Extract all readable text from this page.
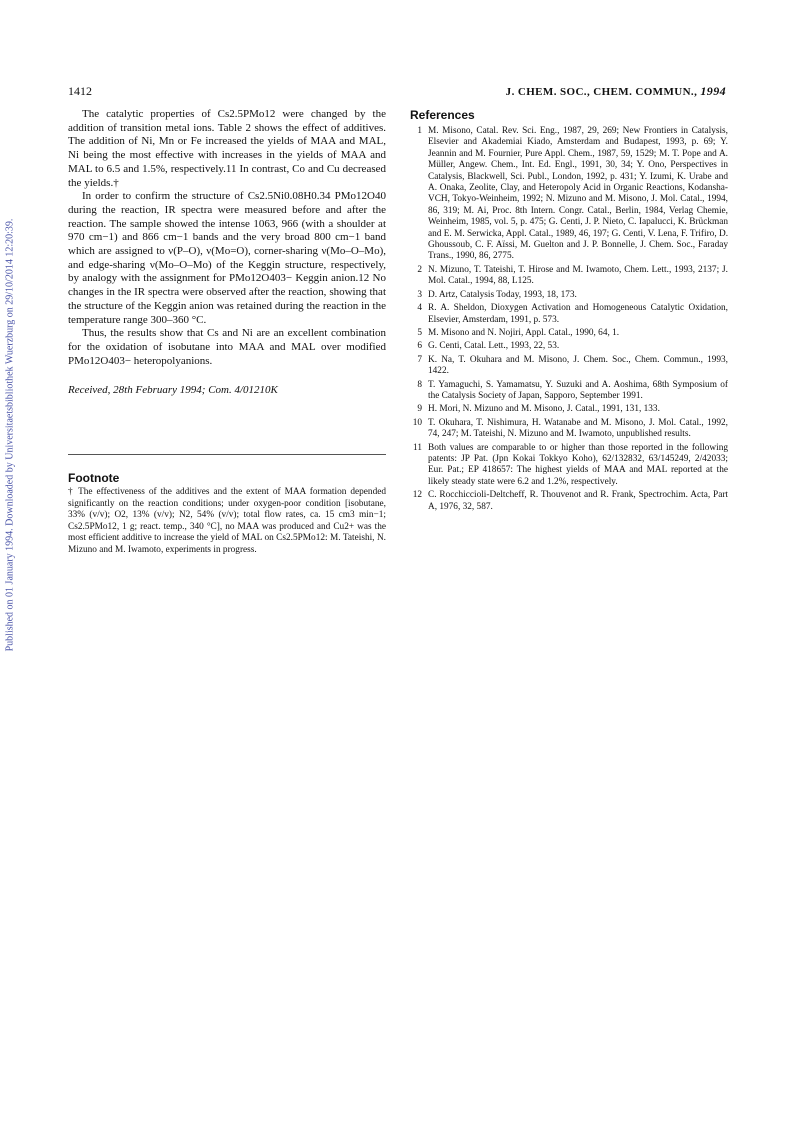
Published on 01 January 1994. Downloaded by Universitaetsbibliothek Wuerzburg on 29/10/2014 12:20:39.
1412	J. CHEM. SOC., CHEM. COMMUN., 1994

The catalytic properties of Cs2.5PMo12 were changed by the addition of transition metal ions. Table 2 shows the effect of additives. The addition of Ni, Mn or Fe increased the yields of MAA and MAL, Ni being the most effective with increases in the yields of MAA and MAL to 6.5 and 1.5%, respectively.11 In contrast, Co and Cu decreased the yields.†

In order to confirm the structure of Cs2.5Ni0.08H0.34 PMo12O40 during the reaction, IR spectra were measured before and after the reaction. The sample showed the intense 1063, 966 (with a shoulder at 970 cm−1) and 866 cm−1 bands and the very broad 800 cm−1 band which are assigned to ν(P–O), ν(Mo=O), corner-sharing ν(Mo–O–Mo), and edge-sharing ν(Mo–O–Mo) of the Keggin structure, respectively, by analogy with the assignment for PMo12O403− Keggin anion.12 No changes in the IR spectra were observed after the reaction, showing that the structure of the Keggin anion was retained during the reaction in the temperature range 300–360 °C.

Thus, the results show that Cs and Ni are an excellent combination for the oxidation of isobutane into MAA and MAL over modified PMo12O403− heteropolyanions.

Received, 28th February 1994; Com. 4/01210K

Footnote

† The effectiveness of the additives and the extent of MAA formation depended significantly on the reaction conditions; under oxygen-poor condition [isobutane, 33% (v/v); O2, 13% (v/v); N2, 54% (v/v); total flow rates, ca. 15 cm3 min−1; Cs2.5PMo12, 1 g; react. temp., 340 °C], no MAA was produced and Cu2+ was the most efficient additive to increase the yield of MAL on Cs2.5PMo12: M. Tateishi, N. Mizuno and M. Iwamoto, experiments in progress.

References
1 M. Misono, Catal. Rev. Sci. Eng., 1987, 29, 269; New Frontiers in Catalysis, Elsevier and Akademiai Kiado, Amsterdam and Budapest, 1993, p. 69; Y. Jeannin and M. Fournier, Pure Appl. Chem., 1987, 59, 1529; M. T. Pope and A. Müller, Angew. Chem., Int. Ed. Engl., 1991, 30, 34; Y. Ono, Perspectives in Catalysis, Blackwell, Sci. Publ., London, 1992, p. 431; Y. Izumi, K. Urabe and A. Onaka, Zeolite, Clay, and Heteropoly Acid in Organic Reactions, Kodansha-VCH, Tokyo-Weinheim, 1992; N. Mizuno and M. Misono, J. Mol. Catal., 1994, 86, 319; M. Ai, Proc. 8th Intern. Congr. Catal., Berlin, 1984, Verlag Chemie, Weinheim, 1985, vol. 5, p. 475; G. Centi, J. P. Nieto, C. Iapalucci, K. Brückman and E. M. Serwicka, Appl. Catal., 1989, 46, 197; G. Centi, V. Lena, F. Trifiro, D. Ghoussoub, C. F. Aïssi, M. Guelton and J. P. Bonnelle, J. Chem. Soc., Faraday Trans., 1990, 86, 2775.
2 N. Mizuno, T. Tateishi, T. Hirose and M. Iwamoto, Chem. Lett., 1993, 2137; J. Mol. Catal., 1994, 88, L125.
3 D. Artz, Catalysis Today, 1993, 18, 173.
4 R. A. Sheldon, Dioxygen Activation and Homogeneous Catalytic Oxidation, Elsevier, Amsterdam, 1991, p. 573.
5 M. Misono and N. Nojiri, Appl. Catal., 1990, 64, 1.
6 G. Centi, Catal. Lett., 1993, 22, 53.
7 K. Na, T. Okuhara and M. Misono, J. Chem. Soc., Chem. Commun., 1993, 1422.
8 T. Yamaguchi, S. Yamamatsu, Y. Suzuki and A. Aoshima, 68th Symposium of the Catalysis Society of Japan, Sapporo, September 1991.
9 H. Mori, N. Mizuno and M. Misono, J. Catal., 1991, 131, 133.
10 T. Okuhara, T. Nishimura, H. Watanabe and M. Misono, J. Mol. Catal., 1992, 74, 247; M. Tateishi, N. Mizuno and M. Iwamoto, unpublished results.
11 Both values are comparable to or higher than those reported in the following patents: JP Pat. (Jpn Kokai Tokkyo Koho), 62/132832, 63/145249, 2/42033; Eur. Pat.; EP 418657: The highest yields of MAA and MAL reported at the likely steady state were 6.2 and 1.2%, respectively.
12 C. Rocchiccioli-Deltcheff, R. Thouvenot and R. Frank, Spectrochim. Acta, Part A, 1976, 32, 587.
